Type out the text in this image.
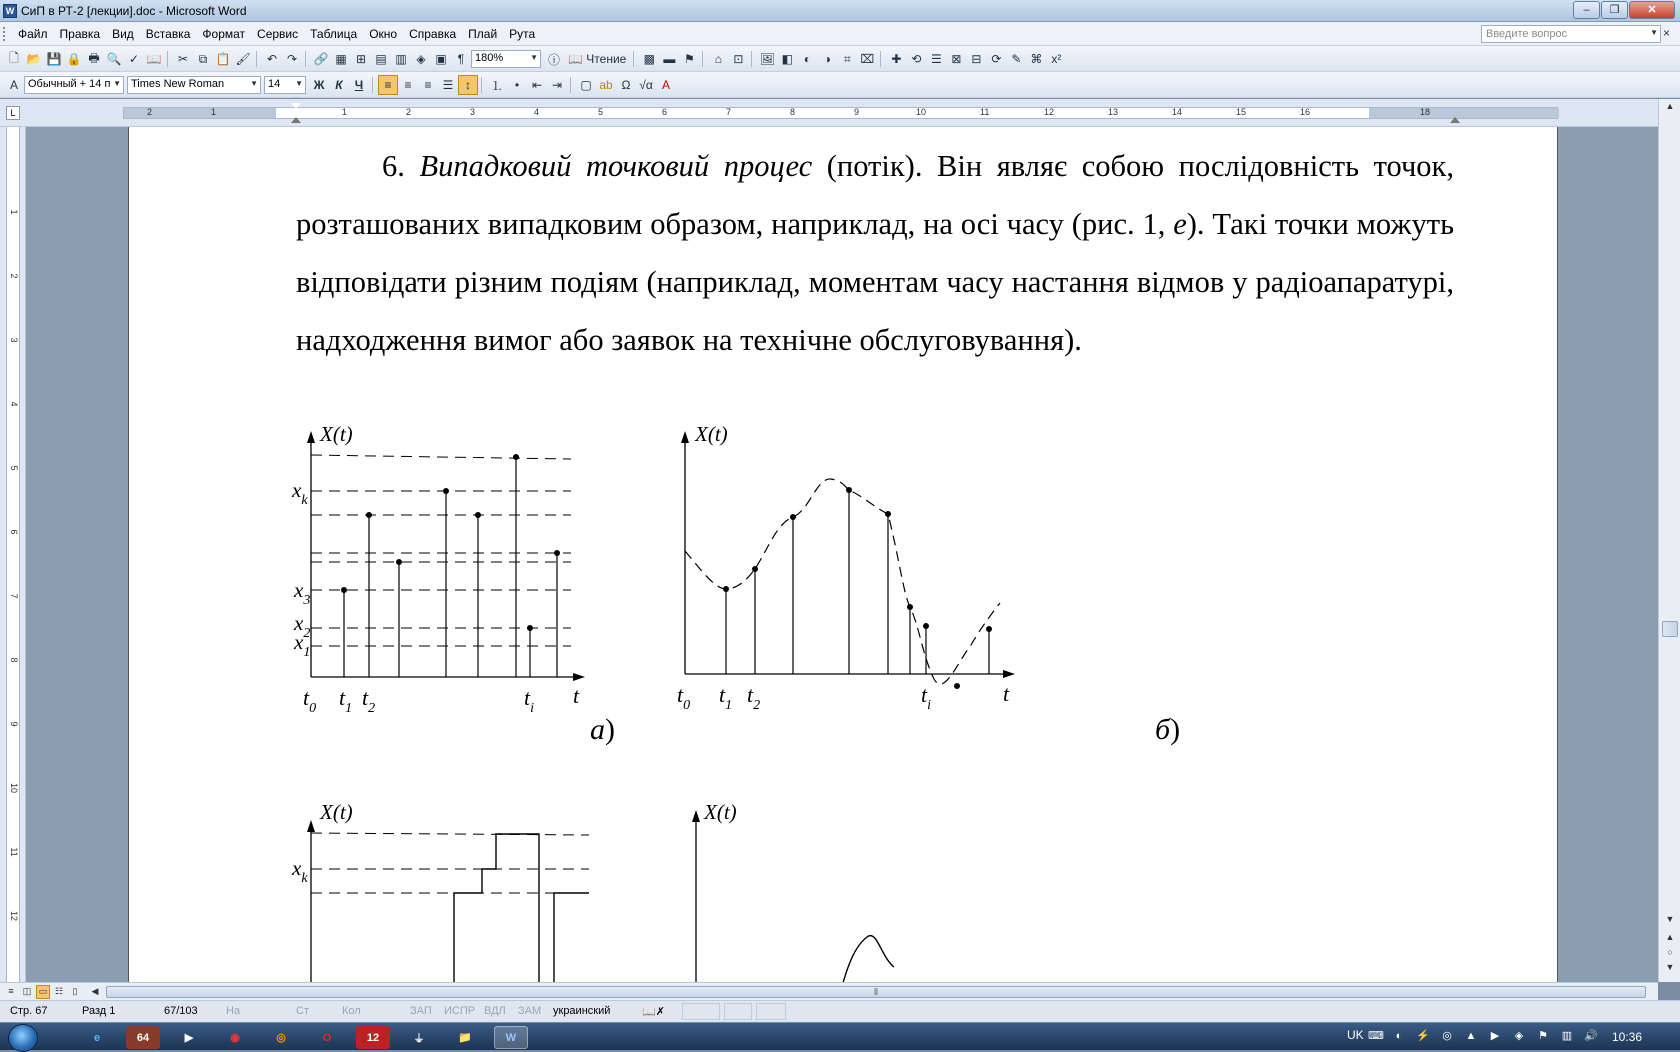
W СиП в РТ-2 [лекции].doc - Microsoft Word	–	❐	✕
Файл	Правка	Вид	Вставка	Формат	Сервис	Таблица	Окно	Справка	Плай	Рута	Введите вопрос	▼ ×
🗋 📂 💾 🔒 🖶 🔍 ✓ 📖	✂ ⧉ 📋 🖌	↶ ↷	🔗 ▦ ⊞ ▤ ▥ ◈ ▣ ¶ 180%	▼ ⓘ 📖
Чтение	▩ ▬ ⚑	⌂ ⊡	🖼 ◧ ◐	◑	⌗ ⌧	✚ ⟲ ☰ ⊠ ⊟ ⟳ ✎ ⌘ x²
A Обычный + 14 п ▼ Times New Roman	▼ 14 ▼ Ж К	Ч	≡	≡	≡ ☰ ↕	⒈ •	⇤ ⇥	▢ ab Ω √α A
L	2	1	1	2	3	4	5	6	7	8	9	10	11	12	13	14	15	16	18
1
2
3
4
5
6
7
8
9
10
11
12

6. Випадковий точковий процес (потік). Він являє собою послідовність точок, розташованих випадковим образом, наприклад, на осі часу (рис. 1, е). Такі точки можуть відповідати різним подіям (наприклад, моментам часу настання відмов у радіоапаратурі, надходження вимог або заявок на технічне обслуговування).

X(t)
$x_k$
$x_3$
$x_2$
$x_1$
$t_0$ $t_1$ $t_2$	$t_i$
t
X(t)
$t_0$ $t_1$ $t_2$	$t_i$	t
а)	б)
X(t)
$x_k$
X(t)
▲
▼
▲
○
▼
≡	◫ ▭ ☷	▯	◀	⦀
Стр. 67	Разд 1	67/103	На	Ст	Кол	ЗАП ИСПР ВДЛ ЗАМ украинский	📖✗
e	64	▶	◉	◎	O	12	⏚	📁	W	UK ⌨	◐	⚡ ◎ ▲ ▶ ◈ ⚑ ▥ 🔊 10:36
